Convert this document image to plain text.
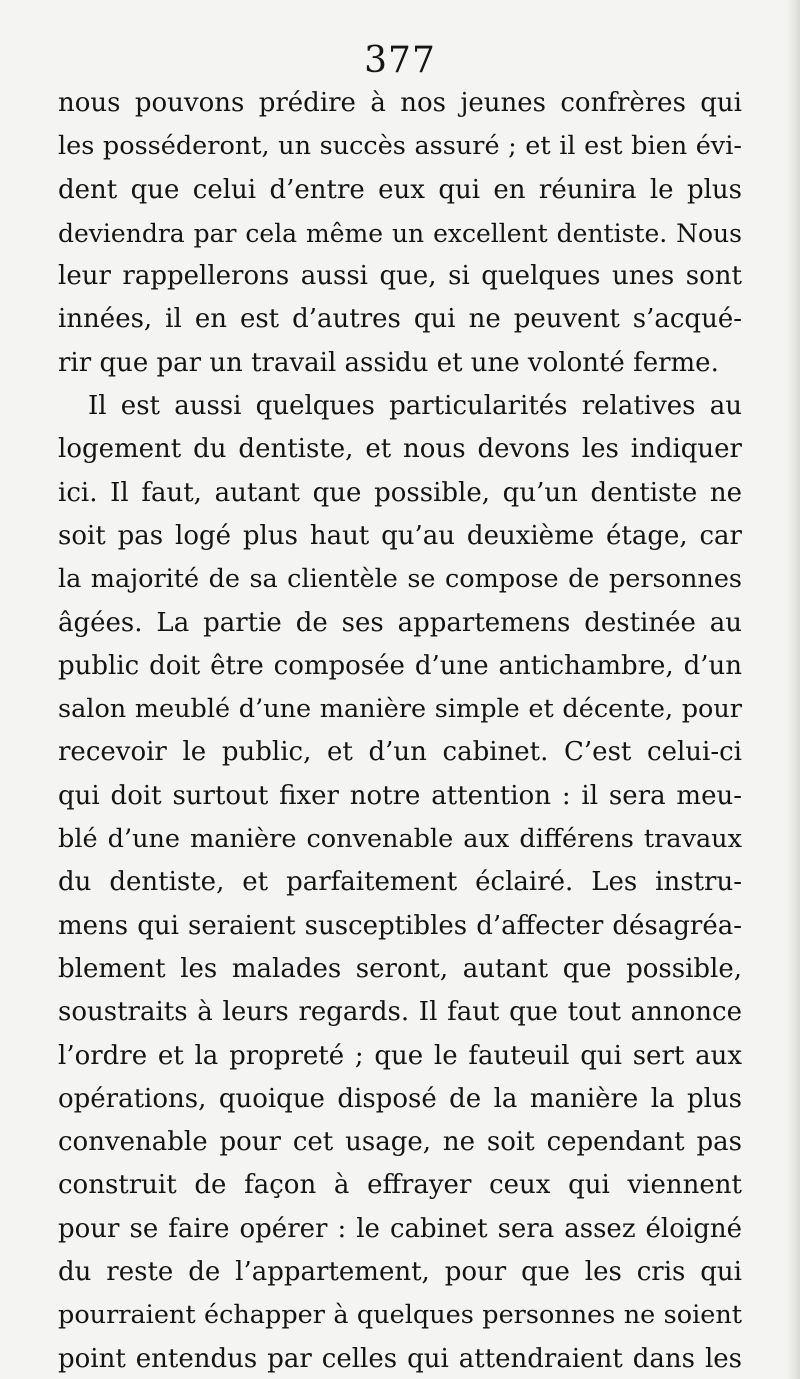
377
nous pouvons prédire à nos jeunes confrères qui
les posséderont, un succès assuré ; et il est bien évi-
dent que celui d’entre eux qui en réunira le plus
deviendra par cela même un excellent dentiste. Nous
leur rappellerons aussi que, si quelques unes sont
innées, il en est d’autres qui ne peuvent s’acqué-
rir que par un travail assidu et une volonté ferme.
Il est aussi quelques particularités relatives au
logement du dentiste, et nous devons les indiquer
ici. Il faut, autant que possible, qu’un dentiste ne
soit pas logé plus haut qu’au deuxième étage, car
la majorité de sa clientèle se compose de personnes
âgées. La partie de ses appartemens destinée au
public doit être composée d’une antichambre, d’un
salon meublé d’une manière simple et décente, pour
recevoir le public, et d’un cabinet. C’est celui-ci
qui doit surtout fixer notre attention : il sera meu-
blé d’une manière convenable aux différens travaux
du dentiste, et parfaitement éclairé. Les instru-
mens qui seraient susceptibles d’affecter désagréa-
blement les malades seront, autant que possible,
soustraits à leurs regards. Il faut que tout annonce
l’ordre et la propreté ; que le fauteuil qui sert aux
opérations, quoique disposé de la manière la plus
convenable pour cet usage, ne soit cependant pas
construit de façon à effrayer ceux qui viennent
pour se faire opérer : le cabinet sera assez éloigné
du reste de l’appartement, pour que les cris qui
pourraient échapper à quelques personnes ne soient
point entendus par celles qui attendraient dans les
